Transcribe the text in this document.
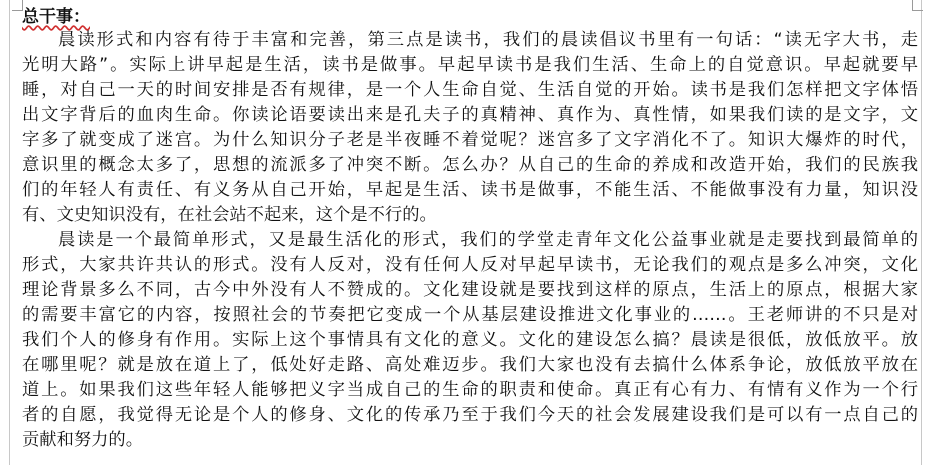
总干事：
晨读形式和内容有待于丰富和完善，第三点是读书，我们的晨读倡议书里有一句话：“读无字大书，走
光明大路”。实际上讲早起是生活，读书是做事。早起早读书是我们生活、生命上的自觉意识。早起就要早
睡，对自己一天的时间安排是否有规律，是一个人生命自觉、生活自觉的开始。读书是我们怎样把文字体悟
出文字背后的血肉生命。你读论语要读出来是孔夫子的真精神、真作为、真性情，如果我们读的是文字，文
字多了就变成了迷宫。为什么知识分子老是半夜睡不着觉呢？迷宫多了文字消化不了。知识大爆炸的时代，
意识里的概念太多了，思想的流派多了冲突不断。怎么办？从自己的生命的养成和改造开始，我们的民族我
们的年轻人有责任、有义务从自己开始，早起是生活、读书是做事，不能生活、不能做事没有力量，知识没
有、文史知识没有，在社会站不起来，这个是不行的。
晨读是一个最简单形式，又是最生活化的形式，我们的学堂走青年文化公益事业就是走要找到最简单的
形式，大家共许共认的形式。没有人反对，没有任何人反对早起早读书，无论我们的观点是多么冲突，文化
理论背景多么不同，古今中外没有人不赞成的。文化建设就是要找到这样的原点，生活上的原点，根据大家
的需要丰富它的内容，按照社会的节奏把它变成一个从基层建设推进文化事业的……。王老师讲的不只是对
我们个人的修身有作用。实际上这个事情具有文化的意义。文化的建设怎么搞？晨读是很低，放低放平。放
在哪里呢？就是放在道上了，低处好走路、高处难迈步。我们大家也没有去搞什么体系争论，放低放平放在
道上。如果我们这些年轻人能够把义字当成自己的生命的职责和使命。真正有心有力、有情有义作为一个行
者的自愿，我觉得无论是个人的修身、文化的传承乃至于我们今天的社会发展建设我们是可以有一点自己的
贡献和努力的。
